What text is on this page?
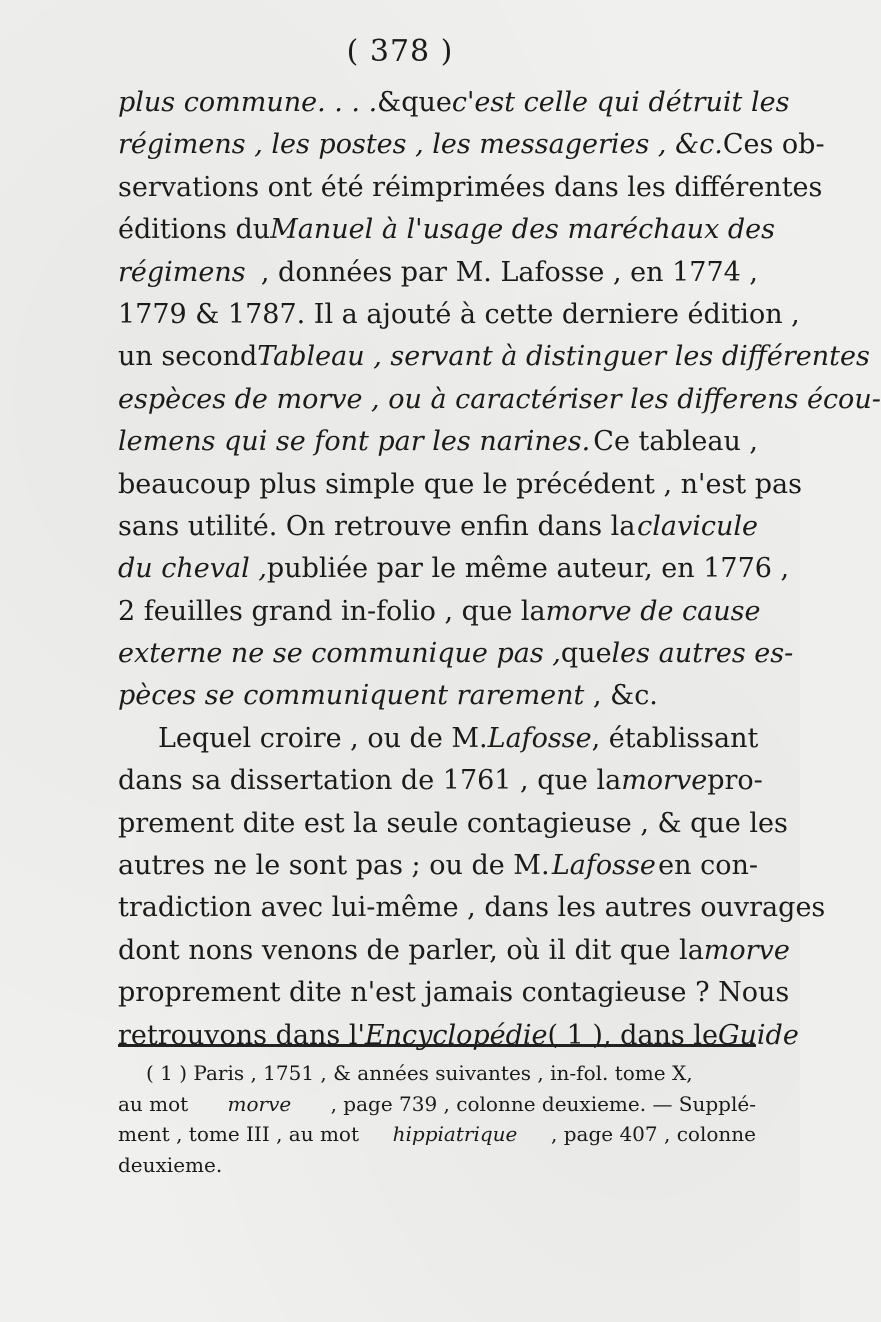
( 378 )
plus commune. . . . & que c'est celle qui détruit les
régimens , les postes , les messageries , &c. Ces ob-
servations ont été réimprimées dans les différentes
éditions du Manuel à l'usage des maréchaux des
régimens , données par M. Lafosse , en 1774 ,
1779 & 1787. Il a ajouté à cette derniere édition ,
un second Tableau , servant à distinguer les différentes
espèces de morve , ou à caractériser les differens écou-
lemens qui se font par les narines. Ce tableau ,
beaucoup plus simple que le précédent , n'est pas
sans utilité. On retrouve enfin dans la clavicule
du cheval , publiée par le même auteur, en 1776 ,
2 feuilles grand in-folio , que la morve de cause
externe ne se communique pas , que les autres es-
pèces se communiquent rarement , &c.
Lequel croire , ou de M. Lafosse , établissant
dans sa dissertation de 1761 , que la morve pro-
prement dite est la seule contagieuse , & que les
autres ne le sont pas ; ou de M. Lafosse en con-
tradiction avec lui-même , dans les autres ouvrages
dont nons venons de parler, où il dit que la morve
proprement dite n'est jamais contagieuse ? Nous
retrouvons dans l' Encyclopédie ( 1 ), dans le Guide
( 1 ) Paris , 1751 , & années suivantes , in-fol. tome X,
au mot morve , page 739 , colonne deuxieme. — Supplé-
ment , tome III , au mot hippiatrique , page 407 , colonne
deuxieme.
